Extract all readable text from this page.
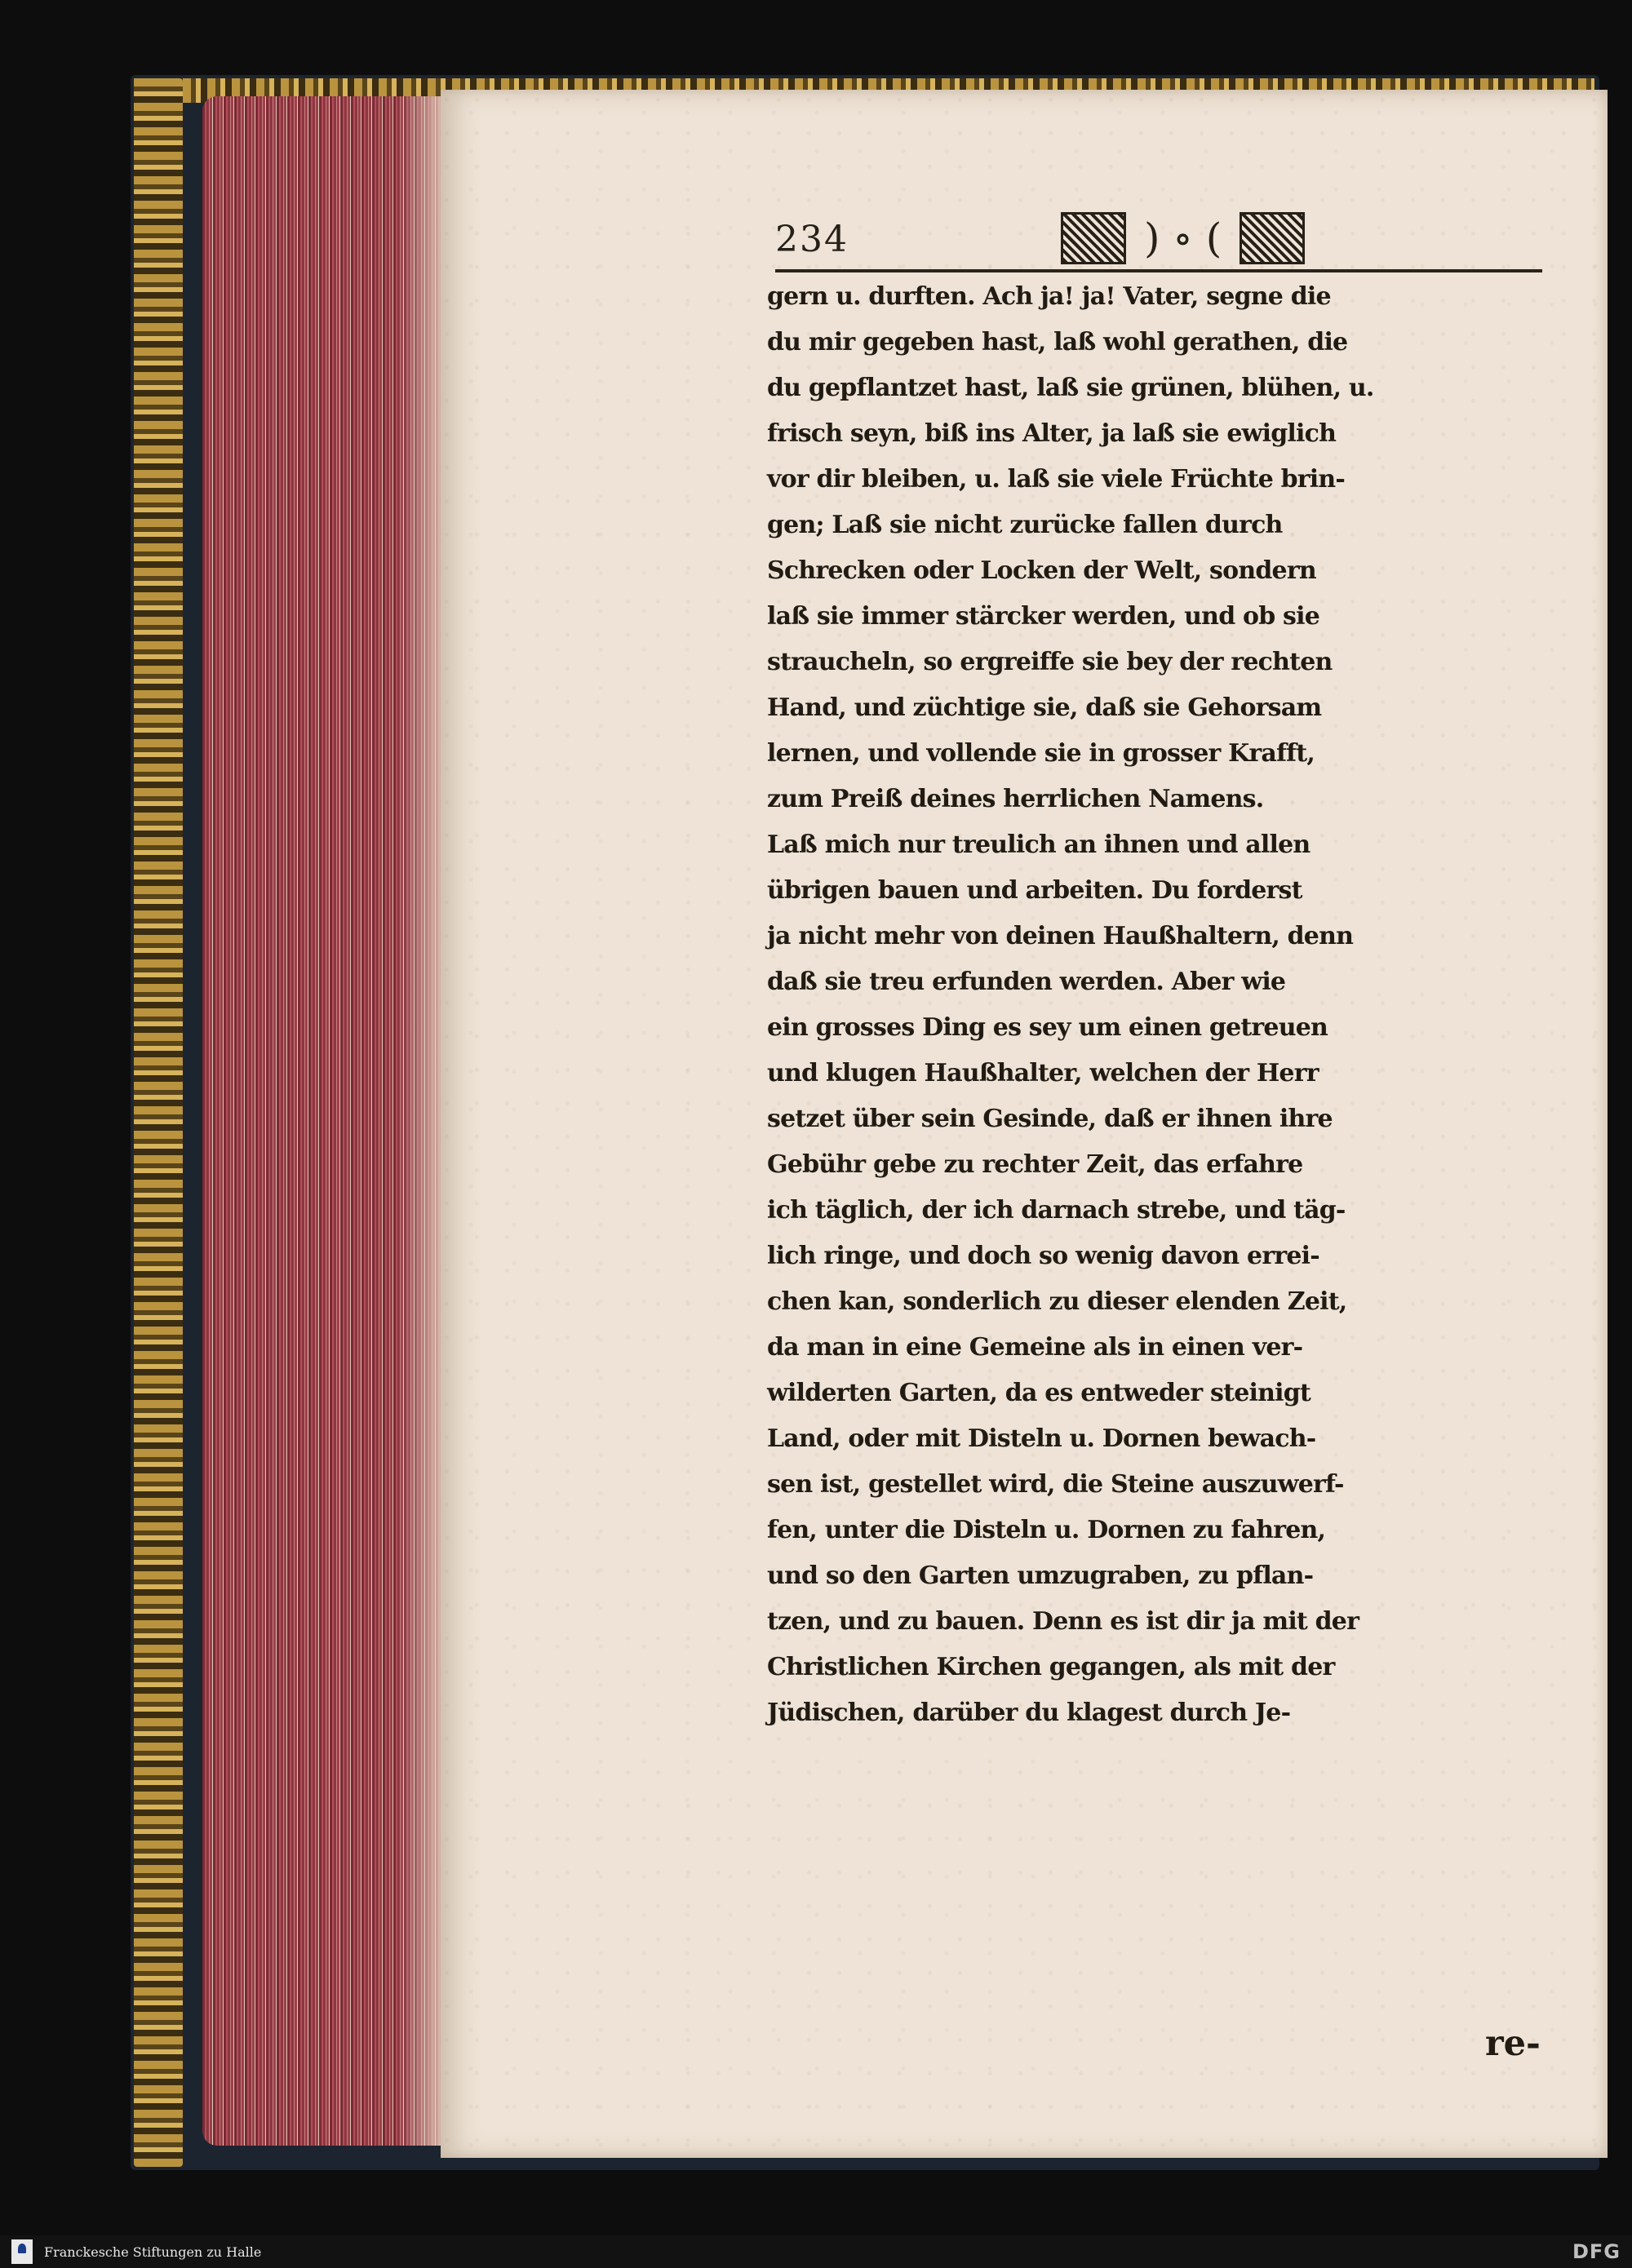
234	) ∘ (
gern u. durften. Ach ja! ja! Vater, segne die
du mir gegeben hast, laß wohl gerathen, die
du gepflantzet hast, laß sie grünen, blühen, u.
frisch seyn, biß ins Alter, ja laß sie ewiglich
vor dir bleiben, u. laß sie viele Früchte brin-
gen; Laß sie nicht zurücke fallen durch
Schrecken oder Locken der Welt, sondern
laß sie immer stärcker werden, und ob sie
straucheln, so ergreiffe sie bey der rechten
Hand, und züchtige sie, daß sie Gehorsam
lernen, und vollende sie in grosser Krafft,
zum Preiß deines herrlichen Namens.
Laß mich nur treulich an ihnen und allen
übrigen bauen und arbeiten. Du forderst
ja nicht mehr von deinen Haußhaltern, denn
daß sie treu erfunden werden. Aber wie
ein grosses Ding es sey um einen getreuen
und klugen Haußhalter, welchen der Herr
setzet über sein Gesinde, daß er ihnen ihre
Gebühr gebe zu rechter Zeit, das erfahre
ich täglich, der ich darnach strebe, und täg-
lich ringe, und doch so wenig davon errei-
chen kan, sonderlich zu dieser elenden Zeit,
da man in eine Gemeine als in einen ver-
wilderten Garten, da es entweder steinigt
Land, oder mit Disteln u. Dornen bewach-
sen ist, gestellet wird, die Steine auszuwerf-
fen, unter die Disteln u. Dornen zu fahren,
und so den Garten umzugraben, zu pflan-
tzen, und zu bauen. Denn es ist dir ja mit der
Christlichen Kirchen gegangen, als mit der
Jüdischen, darüber du klagest durch Je-
re-
Franckesche Stiftungen zu Halle	DFG
